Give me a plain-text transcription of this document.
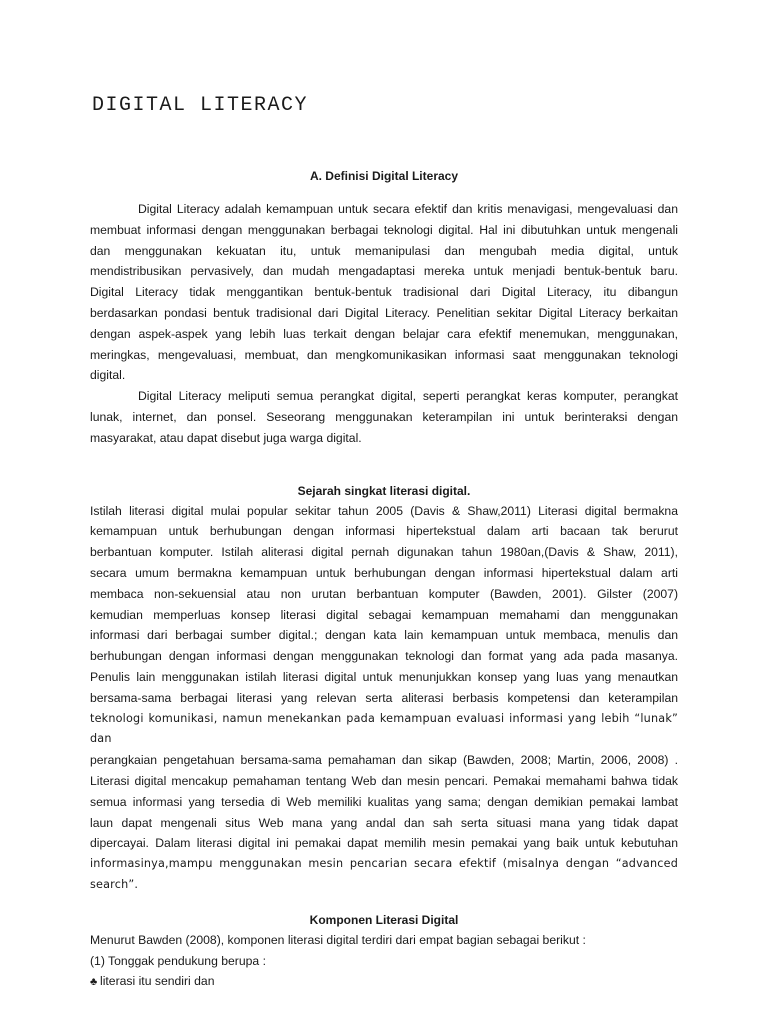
DIGITAL LITERACY
A. Definisi Digital Literacy
Digital Literacy adalah kemampuan untuk secara efektif dan kritis menavigasi, mengevaluasi dan
membuat informasi dengan menggunakan berbagai teknologi digital. Hal ini dibutuhkan untuk mengenali
dan menggunakan kekuatan itu, untuk memanipulasi dan mengubah media digital, untuk
mendistribusikan pervasively, dan mudah mengadaptasi mereka untuk menjadi bentuk-bentuk baru.
Digital Literacy tidak menggantikan bentuk-bentuk tradisional dari Digital Literacy, itu dibangun
berdasarkan pondasi bentuk tradisional dari Digital Literacy. Penelitian sekitar Digital Literacy berkaitan
dengan aspek-aspek yang lebih luas terkait dengan belajar cara efektif menemukan, menggunakan,
meringkas, mengevaluasi, membuat, dan mengkomunikasikan informasi saat menggunakan teknologi
digital.
Digital Literacy meliputi semua perangkat digital, seperti perangkat keras komputer, perangkat
lunak, internet, dan ponsel. Seseorang menggunakan keterampilan ini untuk berinteraksi dengan
masyarakat, atau dapat disebut juga warga digital.
Sejarah singkat literasi digital.
Istilah literasi digital mulai popular sekitar tahun 2005 (Davis & Shaw,2011) Literasi digital bermakna
kemampuan untuk berhubungan dengan informasi hipertekstual dalam arti bacaan tak berurut
berbantuan komputer. Istilah aliterasi digital pernah digunakan tahun 1980an,(Davis & Shaw, 2011),
secara umum bermakna kemampuan untuk berhubungan dengan informasi hipertekstual dalam arti
membaca non-sekuensial atau non urutan berbantuan komputer (Bawden, 2001). Gilster (2007)
kemudian memperluas konsep literasi digital sebagai kemampuan memahami dan menggunakan
informasi dari berbagai sumber digital.; dengan kata lain kemampuan untuk membaca, menulis dan
berhubungan dengan informasi dengan menggunakan teknologi dan format yang ada pada masanya.
Penulis lain menggunakan istilah literasi digital untuk menunjukkan konsep yang luas yang menautkan
bersama-sama berbagai literasi yang relevan serta aliterasi berbasis kompetensi dan keterampilan
teknologi komunikasi, namun menekankan pada kemampuan evaluasi informasi yang lebih “lunak” dan
perangkaian pengetahuan bersama-sama pemahaman dan sikap (Bawden, 2008; Martin, 2006, 2008) .
Literasi digital mencakup pemahaman tentang Web dan mesin pencari. Pemakai memahami bahwa tidak
semua informasi yang tersedia di Web memiliki kualitas yang sama; dengan demikian pemakai lambat
laun dapat mengenali situs Web mana yang andal dan sah serta situasi mana yang tidak dapat
dipercayai. Dalam literasi digital ini pemakai dapat memilih mesin pemakai yang baik untuk kebutuhan
informasinya,mampu menggunakan mesin pencarian secara efektif (misalnya dengan “advanced search”.
Komponen Literasi Digital

Menurut Bawden (2008), komponen literasi digital terdiri dari empat bagian sebagai berikut :

(1) Tonggak pendukung berupa :

♣ literasi itu sendiri dan
